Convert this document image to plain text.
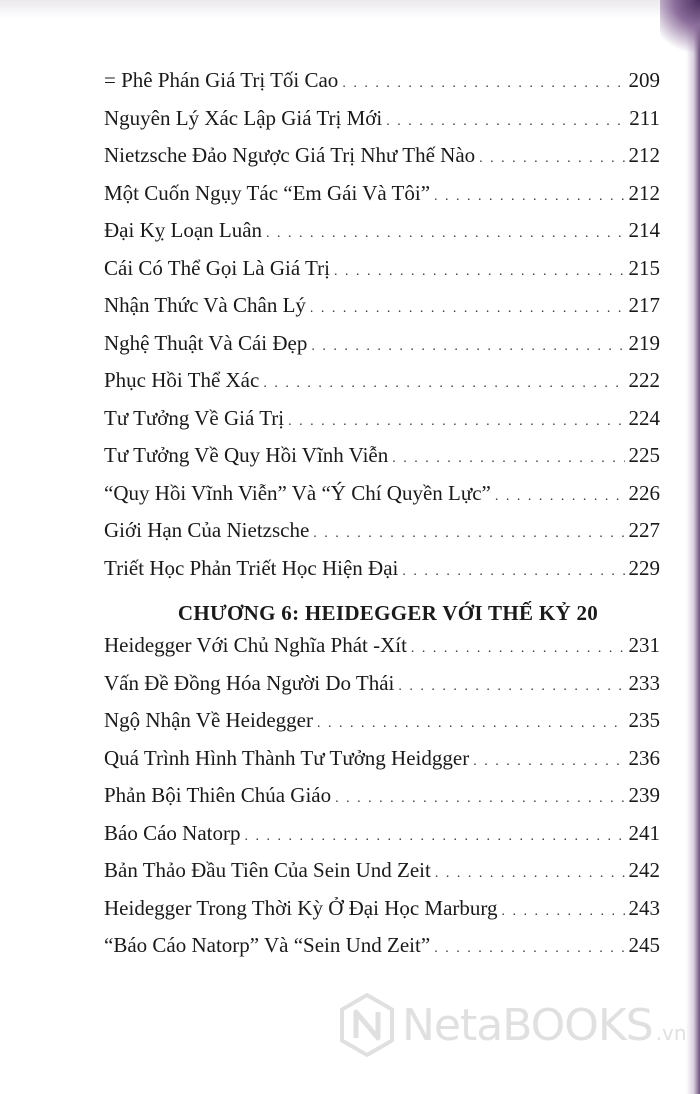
= Phê Phán Giá Trị Tối Cao . . .	209
Nguyên Lý Xác Lập Giá Trị Mới . . .	211
Nietzsche Đảo Ngược Giá Trị Như Thế Nào . . .	212
Một Cuốn Ngụy Tác “Em Gái Và Tôi” . . .	212
Đại Kỵ Loạn Luân . . .	214
Cái Có Thể Gọi Là Giá Trị . . .	215
Nhận Thức Và Chân Lý . . .	217
Nghệ Thuật Và Cái Đẹp . . .	219
Phục Hồi Thể Xác . . .	222
Tư Tưởng Về Giá Trị . . .	224
Tư Tưởng Về Quy Hồi Vĩnh Viễn . . .	225
“Quy Hồi Vĩnh Viễn” Và “Ý Chí Quyền Lực” . . .	226
Giới Hạn Của Nietzsche . . .	227
Triết Học Phản Triết Học Hiện Đại . . .	229
CHƯƠNG 6: HEIDEGGER VỚI THẾ KỶ 20
Heidegger Với Chủ Nghĩa Phát -Xít . . .	231
Vấn Đề Đồng Hóa Người Do Thái . . .	233
Ngộ Nhận Về Heidegger . . .	235
Quá Trình Hình Thành Tư Tưởng Heidgger . . .	236
Phản Bội Thiên Chúa Giáo . . .	239
Báo Cáo Natorp . . .	241
Bản Thảo Đầu Tiên Của Sein Und Zeit . . .	242
Heidegger Trong Thời Kỳ Ở Đại Học Marburg . . .	243
“Báo Cáo Natorp” Và “Sein Und Zeit” . . .	245
NetaBOOKS .vn
